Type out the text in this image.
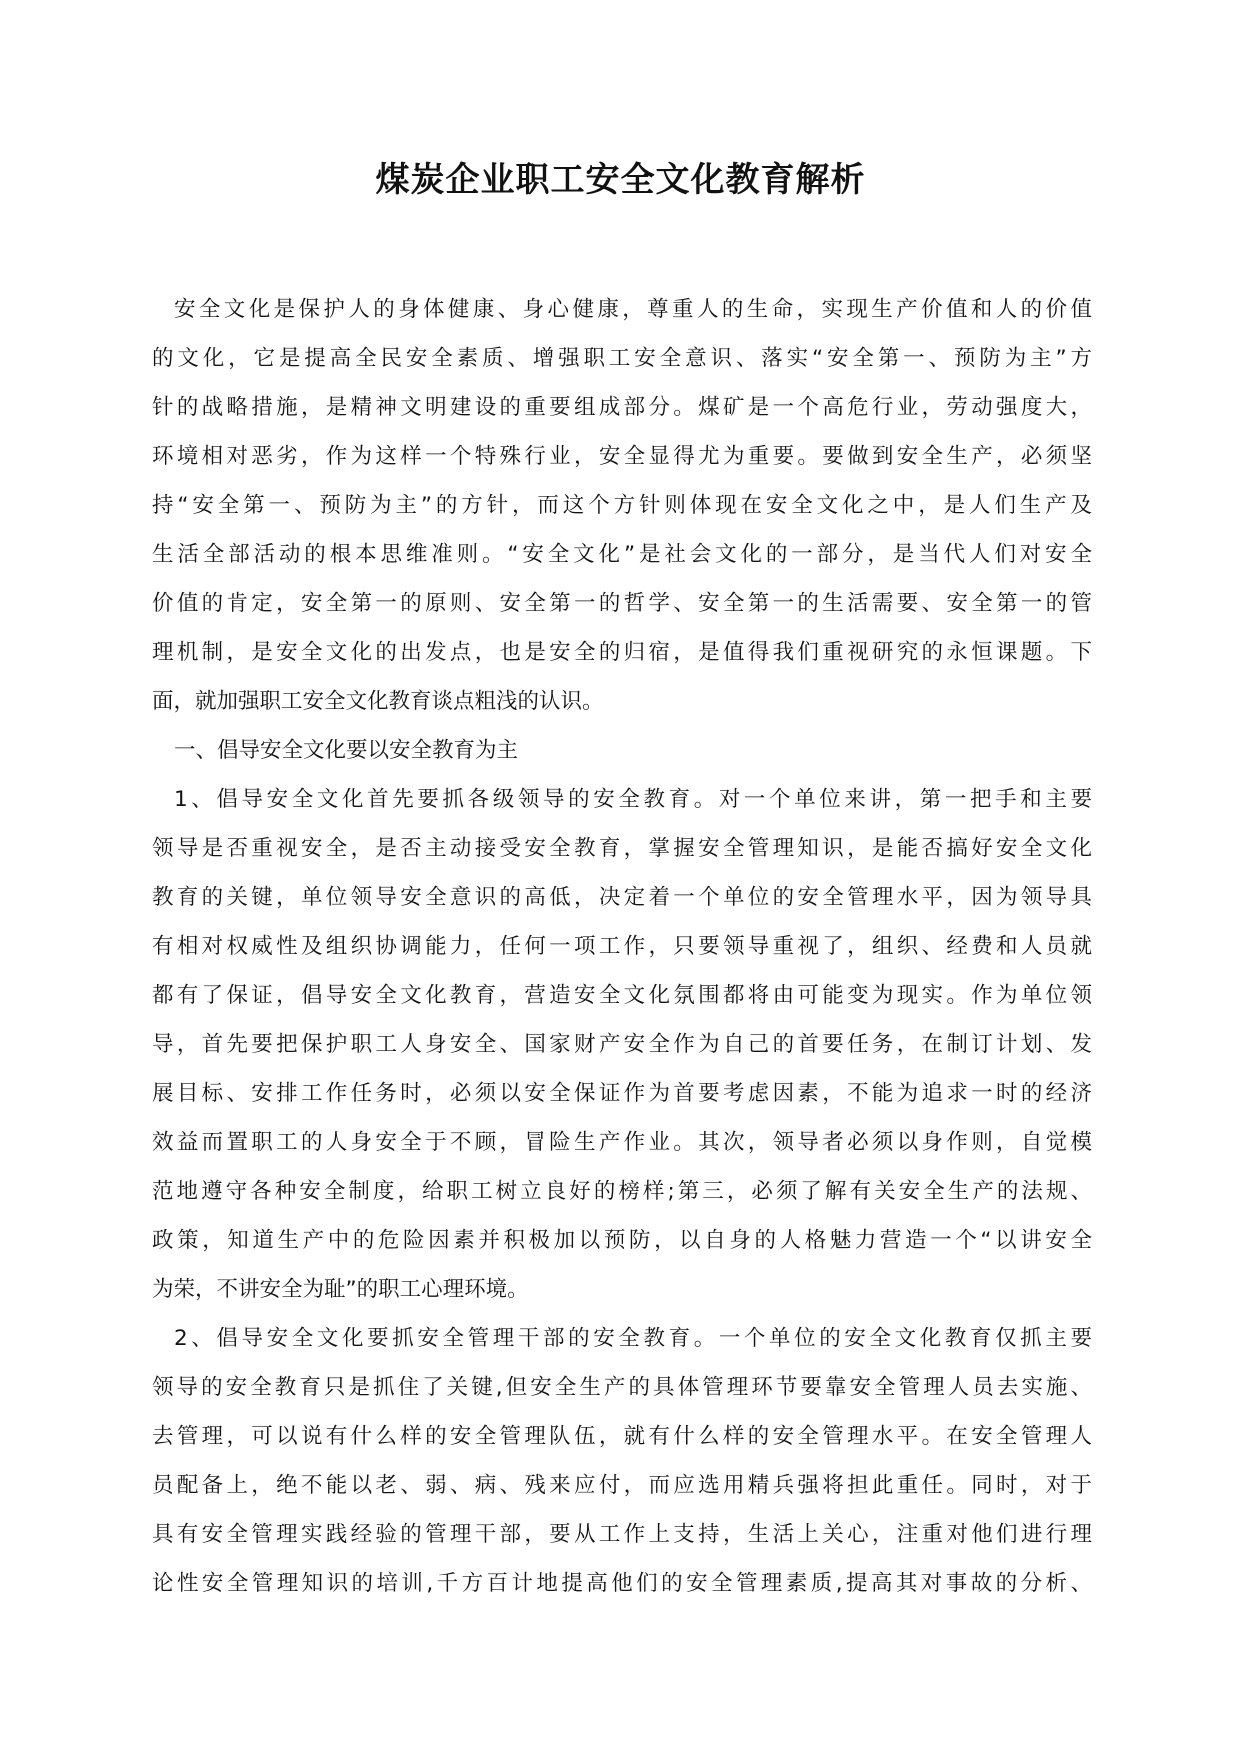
煤炭企业职工安全文化教育解析
安全文化是保护人的身体健康、身心健康，尊重人的生命，实现生产价值和人的价值
的文化，它是提高全民安全素质、增强职工安全意识、落实“安全第一、预防为主”方
针的战略措施，是精神文明建设的重要组成部分。煤矿是一个高危行业，劳动强度大，
环境相对恶劣，作为这样一个特殊行业，安全显得尤为重要。要做到安全生产，必须坚
持“安全第一、预防为主”的方针，而这个方针则体现在安全文化之中，是人们生产及
生活全部活动的根本思维准则。“安全文化”是社会文化的一部分，是当代人们对安全
价值的肯定，安全第一的原则、安全第一的哲学、安全第一的生活需要、安全第一的管
理机制，是安全文化的出发点，也是安全的归宿，是值得我们重视研究的永恒课题。下
面，就加强职工安全文化教育谈点粗浅的认识。
一、倡导安全文化要以安全教育为主
1、倡导安全文化首先要抓各级领导的安全教育。对一个单位来讲，第一把手和主要
领导是否重视安全，是否主动接受安全教育，掌握安全管理知识，是能否搞好安全文化
教育的关键，单位领导安全意识的高低，决定着一个单位的安全管理水平，因为领导具
有相对权威性及组织协调能力，任何一项工作，只要领导重视了，组织、经费和人员就
都有了保证，倡导安全文化教育，营造安全文化氛围都将由可能变为现实。作为单位领
导，首先要把保护职工人身安全、国家财产安全作为自己的首要任务，在制订计划、发
展目标、安排工作任务时，必须以安全保证作为首要考虑因素，不能为追求一时的经济
效益而置职工的人身安全于不顾，冒险生产作业。其次，领导者必须以身作则，自觉模
范地遵守各种安全制度，给职工树立良好的榜样;第三，必须了解有关安全生产的法规、
政策，知道生产中的危险因素并积极加以预防，以自身的人格魅力营造一个“以讲安全
为荣，不讲安全为耻”的职工心理环境。
2、倡导安全文化要抓安全管理干部的安全教育。一个单位的安全文化教育仅抓主要
领导的安全教育只是抓住了关键,但安全生产的具体管理环节要靠安全管理人员去实施、
去管理，可以说有什么样的安全管理队伍，就有什么样的安全管理水平。在安全管理人
员配备上，绝不能以老、弱、病、残来应付，而应选用精兵强将担此重任。同时，对于
具有安全管理实践经验的管理干部，要从工作上支持，生活上关心，注重对他们进行理
论性安全管理知识的培训,千方百计地提高他们的安全管理素质,提高其对事故的分析、
